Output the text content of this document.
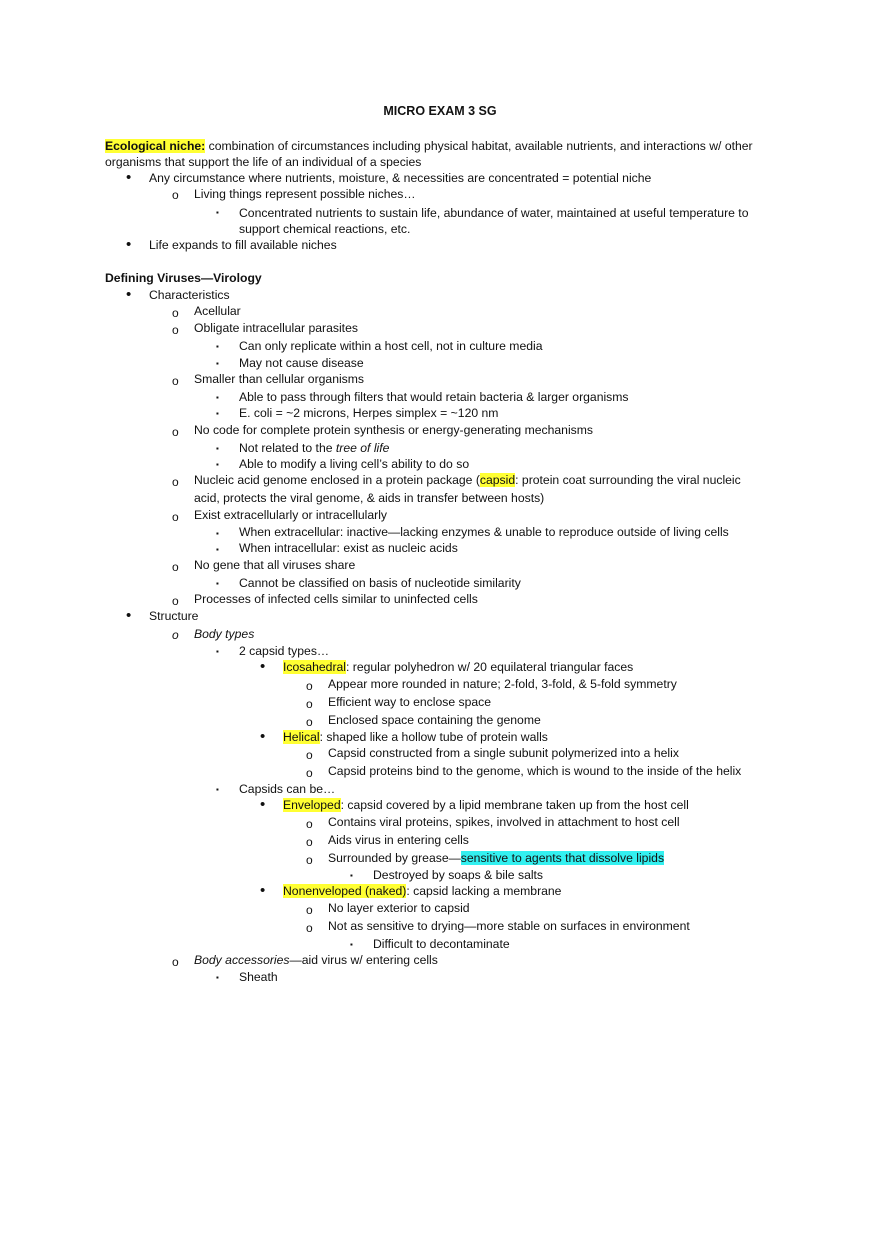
MICRO EXAM 3 SG
Ecological niche: combination of circumstances including physical habitat, available nutrients, and interactions w/ other
organisms that support the life of an individual of a species
• Any circumstance where nutrients, moisture, & necessities are concentrated = potential niche
o Living things represent possible niches…
▪ Concentrated nutrients to sustain life, abundance of water, maintained at useful temperature to
support chemical reactions, etc.
• Life expands to fill available niches
Defining Viruses—Virology
• Characteristics
o Acellular
o Obligate intracellular parasites
▪ Can only replicate within a host cell, not in culture media
▪ May not cause disease
o Smaller than cellular organisms
▪ Able to pass through filters that would retain bacteria & larger organisms
▪ E. coli = ~2 microns, Herpes simplex = ~120 nm
o No code for complete protein synthesis or energy-generating mechanisms
▪ Not related to the tree of life
▪ Able to modify a living cell’s ability to do so
o Nucleic acid genome enclosed in a protein package (capsid: protein coat surrounding the viral nucleic
acid, protects the viral genome, & aids in transfer between hosts)
o Exist extracellularly or intracellularly
▪ When extracellular: inactive—lacking enzymes & unable to reproduce outside of living cells
▪ When intracellular: exist as nucleic acids
o No gene that all viruses share
▪ Cannot be classified on basis of nucleotide similarity
o Processes of infected cells similar to uninfected cells
• Structure
o Body types
▪ 2 capsid types…
• Icosahedral: regular polyhedron w/ 20 equilateral triangular faces
o Appear more rounded in nature; 2-fold, 3-fold, & 5-fold symmetry
o Efficient way to enclose space
o Enclosed space containing the genome
• Helical: shaped like a hollow tube of protein walls
o Capsid constructed from a single subunit polymerized into a helix
o Capsid proteins bind to the genome, which is wound to the inside of the helix
▪ Capsids can be…
• Enveloped: capsid covered by a lipid membrane taken up from the host cell
o Contains viral proteins, spikes, involved in attachment to host cell
o Aids virus in entering cells
o Surrounded by grease—sensitive to agents that dissolve lipids
▪ Destroyed by soaps & bile salts
• Nonenveloped (naked): capsid lacking a membrane
o No layer exterior to capsid
o Not as sensitive to drying—more stable on surfaces in environment
▪ Difficult to decontaminate
o Body accessories—aid virus w/ entering cells
▪ Sheath
